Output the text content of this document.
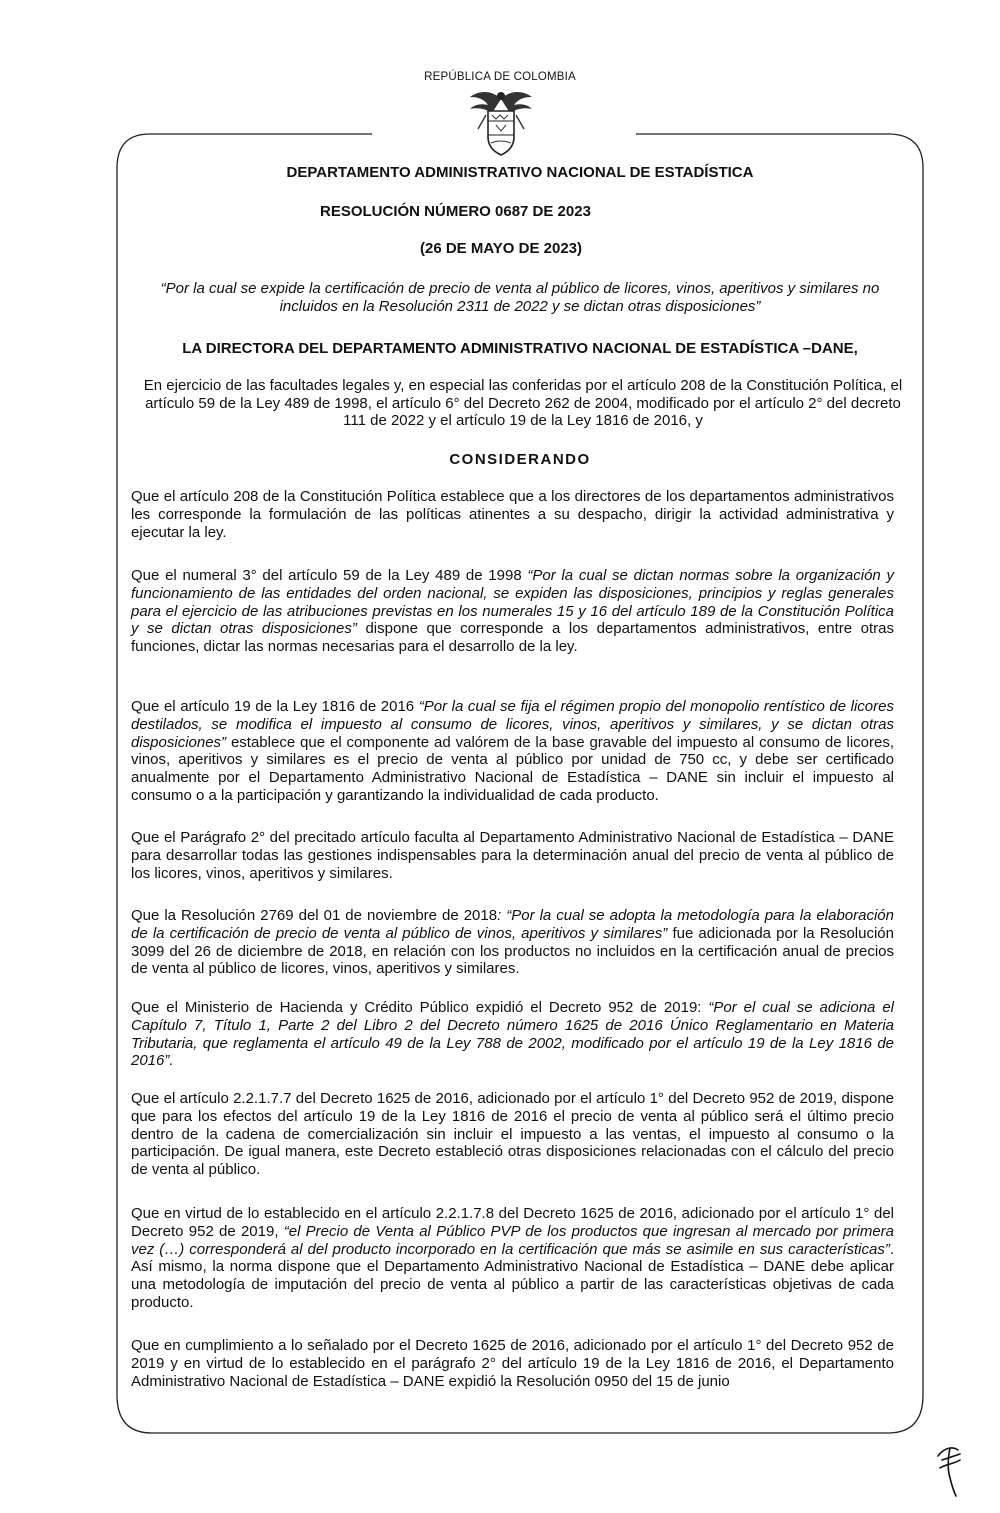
REPÚBLICA DE COLOMBIA
DEPARTAMENTO ADMINISTRATIVO NACIONAL DE ESTADÍSTICA
RESOLUCIÓN NÚMERO 0687 DE 2023
(26 DE MAYO DE 2023)
“Por la cual se expide la certificación de precio de venta al público de licores, vinos, aperitivos y similares no incluidos en la Resolución 2311 de 2022 y se dictan otras disposiciones”
LA DIRECTORA DEL DEPARTAMENTO ADMINISTRATIVO NACIONAL DE ESTADÍSTICA –DANE,
En ejercicio de las facultades legales y, en especial las conferidas por el artículo 208 de la Constitución Política, el artículo 59 de la Ley 489 de 1998, el artículo 6° del Decreto 262 de 2004, modificado por el artículo 2° del decreto 111 de 2022 y el artículo 19 de la Ley 1816 de 2016, y
CONSIDERANDO
Que el artículo 208 de la Constitución Política establece que a los directores de los departamentos administrativos les corresponde la formulación de las políticas atinentes a su despacho, dirigir la actividad administrativa y ejecutar la ley.
Que el numeral 3° del artículo 59 de la Ley 489 de 1998 “Por la cual se dictan normas sobre la organización y funcionamiento de las entidades del orden nacional, se expiden las disposiciones, principios y reglas generales para el ejercicio de las atribuciones previstas en los numerales 15 y 16 del artículo 189 de la Constitución Política y se dictan otras disposiciones” dispone que corresponde a los departamentos administrativos, entre otras funciones, dictar las normas necesarias para el desarrollo de la ley.
Que el artículo 19 de la Ley 1816 de 2016 “Por la cual se fija el régimen propio del monopolio rentístico de licores destilados, se modifica el impuesto al consumo de licores, vinos, aperitivos y similares, y se dictan otras disposiciones” establece que el componente ad valórem de la base gravable del impuesto al consumo de licores, vinos, aperitivos y similares es el precio de venta al público por unidad de 750 cc, y debe ser certificado anualmente por el Departamento Administrativo Nacional de Estadística – DANE sin incluir el impuesto al consumo o a la participación y garantizando la individualidad de cada producto.
Que el Parágrafo 2° del precitado artículo faculta al Departamento Administrativo Nacional de Estadística – DANE para desarrollar todas las gestiones indispensables para la determinación anual del precio de venta al público de los licores, vinos, aperitivos y similares.
Que la Resolución 2769 del 01 de noviembre de 2018: “Por la cual se adopta la metodología para la elaboración de la certificación de precio de venta al público de vinos, aperitivos y similares” fue adicionada por la Resolución 3099 del 26 de diciembre de 2018, en relación con los productos no incluidos en la certificación anual de precios de venta al público de licores, vinos, aperitivos y similares.
Que el Ministerio de Hacienda y Crédito Público expidió el Decreto 952 de 2019: “Por el cual se adiciona el Capítulo 7, Título 1, Parte 2 del Libro 2 del Decreto número 1625 de 2016 Único Reglamentario en Materia Tributaria, que reglamenta el artículo 49 de la Ley 788 de 2002, modificado por el artículo 19 de la Ley 1816 de 2016”.
Que el artículo 2.2.1.7.7 del Decreto 1625 de 2016, adicionado por el artículo 1° del Decreto 952 de 2019, dispone que para los efectos del artículo 19 de la Ley 1816 de 2016 el precio de venta al público será el último precio dentro de la cadena de comercialización sin incluir el impuesto a las ventas, el impuesto al consumo o la participación. De igual manera, este Decreto estableció otras disposiciones relacionadas con el cálculo del precio de venta al público.
Que en virtud de lo establecido en el artículo 2.2.1.7.8 del Decreto 1625 de 2016, adicionado por el artículo 1° del Decreto 952 de 2019, “el Precio de Venta al Público PVP de los productos que ingresan al mercado por primera vez (…) corresponderá al del producto incorporado en la certificación que más se asimile en sus características”. Así mismo, la norma dispone que el Departamento Administrativo Nacional de Estadística – DANE debe aplicar una metodología de imputación del precio de venta al público a partir de las características objetivas de cada producto.
Que en cumplimiento a lo señalado por el Decreto 1625 de 2016, adicionado por el artículo 1° del Decreto 952 de 2019 y en virtud de lo establecido en el parágrafo 2° del artículo 19 de la Ley 1816 de 2016, el Departamento Administrativo Nacional de Estadística – DANE expidió la Resolución 0950 del 15 de junio
